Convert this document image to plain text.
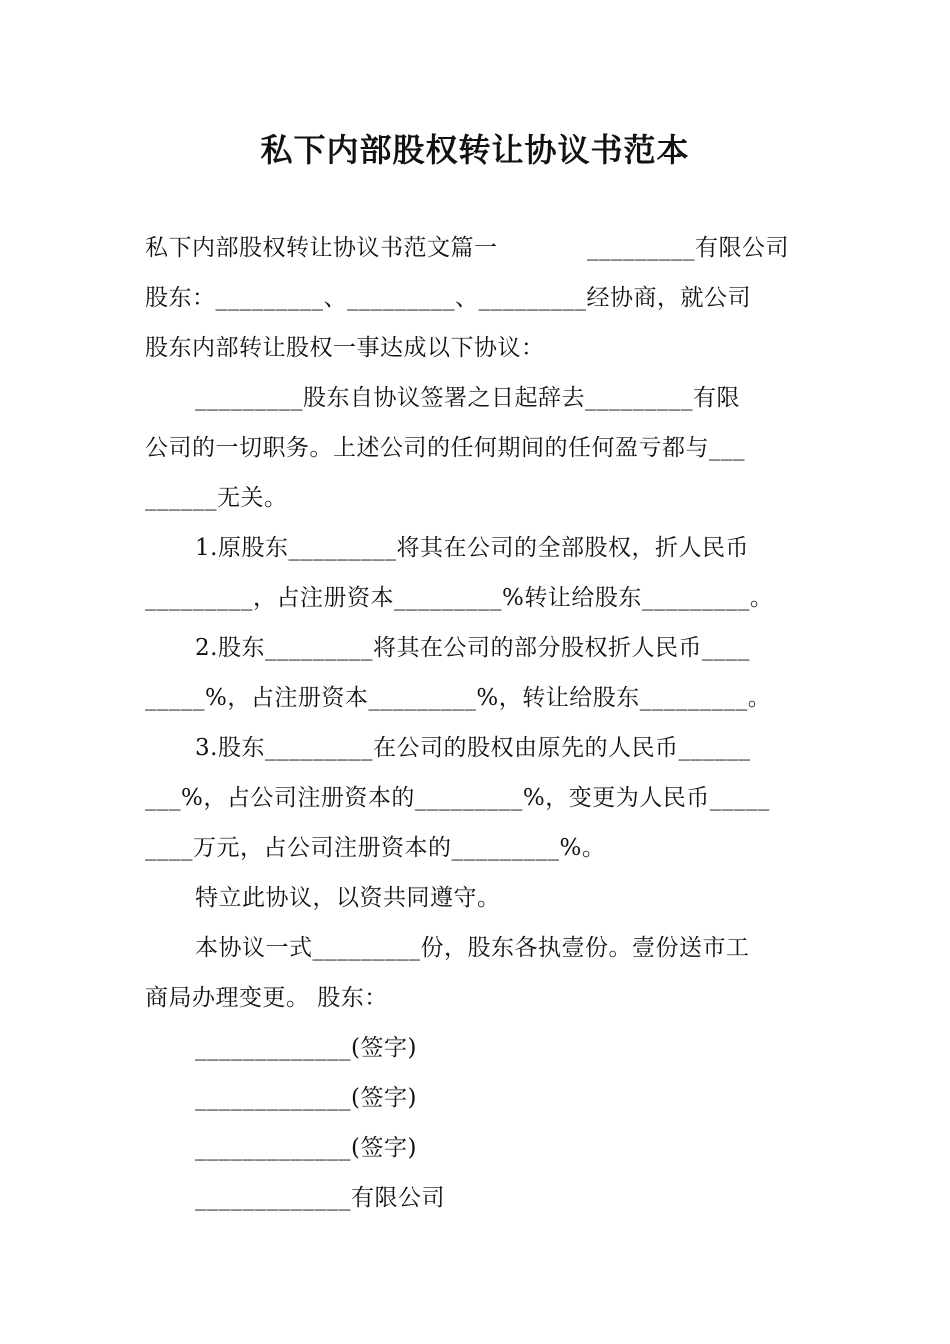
私下内部股权转让协议书范本
私下内部股权转让协议书范文篇一	_________有限公司
股东：_________、_________、_________经协商，就公司
股东内部转让股权一事达成以下协议：
_________股东自协议签署之日起辞去_________有限
公司的一切职务。上述公司的任何期间的任何盈亏都与___
______无关。
1.原股东_________将其在公司的全部股权，折人民币
_________，占注册资本_________%转让给股东_________。
2.股东_________将其在公司的部分股权折人民币____
_____%，占注册资本_________%，转让给股东_________。
3.股东_________在公司的股权由原先的人民币______
___%，占公司注册资本的_________%，变更为人民币_____
____万元，占公司注册资本的_________%。
特立此协议，以资共同遵守。
本协议一式_________份，股东各执壹份。壹份送市工
商局办理变更。 股东：
_____________(签字)
_____________(签字)
_____________(签字)
_____________有限公司
